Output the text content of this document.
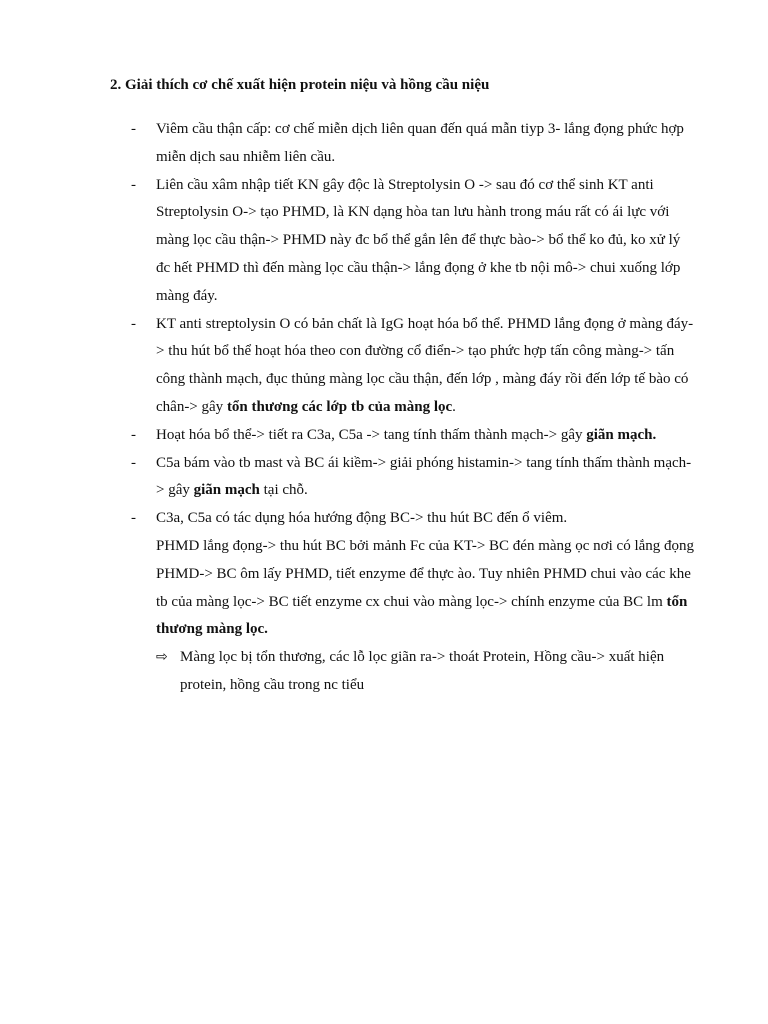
2. Giải thích cơ chế xuất hiện protein niệu và hồng cầu niệu
-	Viêm cầu thận cấp: cơ chế miễn dịch liên quan đến quá mẫn tiyp 3- lắng đọng phức hợp miễn dịch sau nhiễm liên cầu.
-	Liên cầu xâm nhập tiết KN gây độc là Streptolysin O -> sau đó cơ thể sinh KT anti Streptolysin O-> tạo PHMD, là KN dạng hòa tan lưu hành trong máu rất có ái lực với màng lọc cầu thận-> PHMD này đc bổ thể gắn lên để thực bào-> bổ thể ko đủ, ko xử lý đc hết PHMD thì đến màng lọc cầu thận-> lắng đọng ở khe tb nội mô-> chui xuống lớp màng đáy.
-	KT anti streptolysin O có bản chất là IgG hoạt hóa bổ thể. PHMD lắng đọng ở màng đáy-> thu hút bổ thể hoạt hóa theo con đường cổ điển-> tạo phức hợp tấn công màng-> tấn công thành mạch, đục thủng màng lọc cầu thận, đến lớp , màng đáy rồi đến lớp tế bào có chân-> gây tổn thương các lớp tb của màng lọc.
-	Hoạt hóa bổ thể-> tiết ra C3a, C5a -> tang tính thấm thành mạch-> gây giãn mạch.
-	C5a bám vào tb mast và BC ái kiềm-> giải phóng histamin-> tang tính thấm thành mạch-> gây giãn mạch tại chỗ.
-	C3a, C5a có tác dụng hóa hướng động BC-> thu hút BC đến ổ viêm.
PHMD lắng đọng-> thu hút BC bởi mảnh Fc của KT-> BC đén màng ọc nơi có lắng đọng PHMD-> BC ôm lấy PHMD, tiết enzyme để thực ào. Tuy nhiên PHMD chui vào các khe tb của màng lọc-> BC tiết enzyme cx chui vào màng lọc-> chính enzyme của BC lm tổn thương màng lọc.
⇨ Màng lọc bị tổn thương, các lỗ lọc giãn ra-> thoát Protein, Hồng cầu-> xuất hiện protein, hồng cầu trong nc tiểu
